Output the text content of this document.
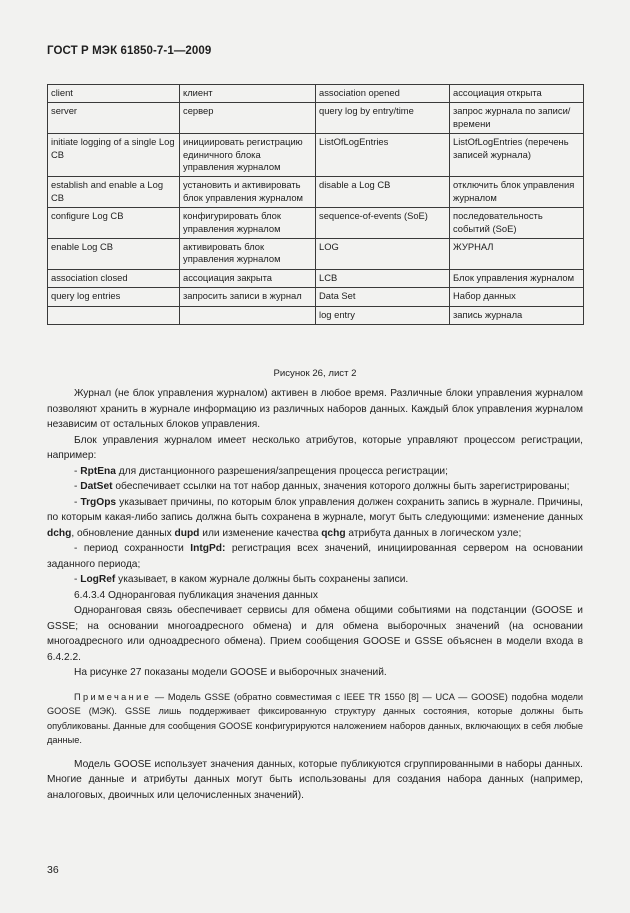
ГОСТ Р МЭК 61850-7-1—2009
client	клиент	association opened	ассоциация открыта
server	сервер	query log by entry/time	запрос журнала по записи/времени
initiate logging of a single Log CB	инициировать регистрацию единичного блока управления журналом	ListOfLogEntries	ListOfLogEntries (перечень записей журнала)
establish and enable a Log CB	установить и активировать блок управления журналом	disable a Log CB	отключить блок управления журналом
configure Log CB	конфигурировать блок управления журналом	sequence-of-events (SoE)	последовательность событий (SoE)
enable Log CB	активировать блок управления журналом	LOG	ЖУРНАЛ
association closed	ассоциация закрыта	LCB	Блок управления журналом
query log entries	запросить записи в журнал	Data Set	Набор данных
		log entry	запись журнала
Рисунок 26, лист 2

Журнал (не блок управления журналом) активен в любое время. Различные блоки управления журналом позволяют хранить в журнале информацию из различных наборов данных. Каждый блок управления журналом независим от остальных блоков управления.

Блок управления журналом имеет несколько атрибутов, которые управляют процессом регистрации, например:

- RptEna для дистанционного разрешения/запрещения процесса регистрации;

- DatSet обеспечивает ссылки на тот набор данных, значения которого должны быть зарегистрированы;

- TrgOps указывает причины, по которым блок управления должен сохранить запись в журнале. Причины, по которым какая-либо запись должна быть сохранена в журнале, могут быть следующими: изменение данных dchg, обновление данных dupd или изменение качества qchg атрибута данных в логическом узле;

- период сохранности IntgPd: регистрация всех значений, инициированная сервером на основании заданного периода;

- LogRef указывает, в каком журнале должны быть сохранены записи.

6.4.3.4 Одноранговая публикация значения данных

Одноранговая связь обеспечивает сервисы для обмена общими событиями на подстанции (GOOSE и GSSE; на основании многоадресного обмена) и для обмена выборочных значений (на основании многоадресного или одноадресного обмена). Прием сообщения GOOSE и GSSE объяснен в модели входа в 6.4.2.2.

На рисунке 27 показаны модели GOOSE и выборочных значений.

Примечание — Модель GSSE (обратно совместимая с IEEE TR 1550 [8] — UCA — GOOSE) подобна модели GOOSE (МЭК). GSSE лишь поддерживает фиксированную структуру данных состояния, которые должны быть опубликованы. Данные для сообщения GOOSE конфигурируются наложением наборов данных, включающих в себя любые данные.

Модель GOOSE использует значения данных, которые публикуются сгруппированными в наборы данных. Многие данные и атрибуты данных могут быть использованы для создания набора данных (например, аналоговых, двоичных или целочисленных значений).

36
